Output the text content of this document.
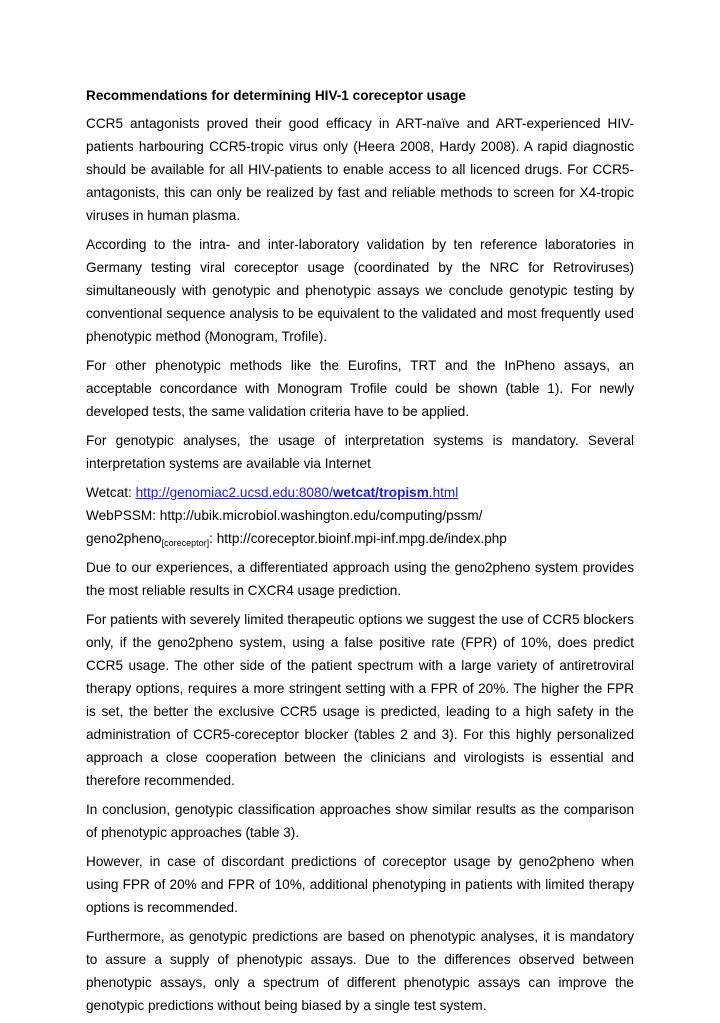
Recommendations for determining HIV-1 coreceptor usage

CCR5 antagonists proved their good efficacy in ART-naïve and ART-experienced HIV-patients harbouring CCR5-tropic virus only (Heera 2008, Hardy 2008). A rapid diagnostic should be available for all HIV-patients to enable access to all licenced drugs. For CCR5-antagonists, this can only be realized by fast and reliable methods to screen for X4-tropic viruses in human plasma.

According to the intra- and inter-laboratory validation by ten reference laboratories in Germany testing viral coreceptor usage (coordinated by the NRC for Retroviruses) simultaneously with genotypic and phenotypic assays we conclude genotypic testing by conventional sequence analysis to be equivalent to the validated and most frequently used phenotypic method (Monogram, Trofile).

For other phenotypic methods like the Eurofins, TRT and the InPheno assays, an acceptable concordance with Monogram Trofile could be shown (table 1). For newly developed tests, the same validation criteria have to be applied.

For genotypic analyses, the usage of interpretation systems is mandatory. Several interpretation systems are available via Internet

Wetcat: http://genomiac2.ucsd.edu:8080/wetcat/tropism.html
WebPSSM: http://ubik.microbiol.washington.edu/computing/pssm/
geno2pheno$_{[coreceptor]}$: http://coreceptor.bioinf.mpi-inf.mpg.de/index.php

Due to our experiences, a differentiated approach using the geno2pheno system provides the most reliable results in CXCR4 usage prediction.

For patients with severely limited therapeutic options we suggest the use of CCR5 blockers only, if the geno2pheno system, using a false positive rate (FPR) of 10%, does predict CCR5 usage. The other side of the patient spectrum with a large variety of antiretroviral therapy options, requires a more stringent setting with a FPR of 20%. The higher the FPR is set, the better the exclusive CCR5 usage is predicted, leading to a high safety in the administration of CCR5-coreceptor blocker (tables 2 and 3). For this highly personalized approach a close cooperation between the clinicians and virologists is essential and therefore recommended.

In conclusion, genotypic classification approaches show similar results as the comparison of phenotypic approaches (table 3).

However, in case of discordant predictions of coreceptor usage by geno2pheno when using FPR of 20% and FPR of 10%, additional phenotyping in patients with limited therapy options is recommended.

Furthermore, as genotypic predictions are based on phenotypic analyses, it is mandatory to assure a supply of phenotypic assays. Due to the differences observed between phenotypic assays, only a spectrum of different phenotypic assays can improve the genotypic predictions without being biased by a single test system.
